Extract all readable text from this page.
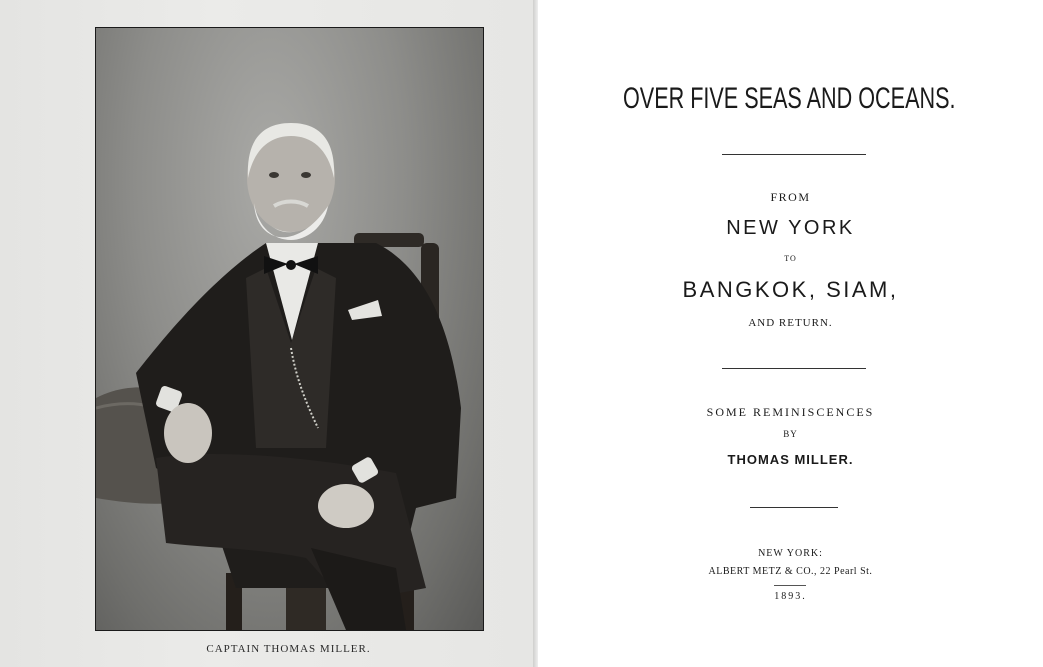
CAPTAIN THOMAS MILLER.
OVER FIVE SEAS AND OCEANS.
FROM
NEW YORK
TO
BANGKOK, SIAM,
AND RETURN.
SOME REMINISCENCES
BY
THOMAS MILLER.
NEW YORK:
ALBERT METZ & CO., 22 Pearl St.
1893.
